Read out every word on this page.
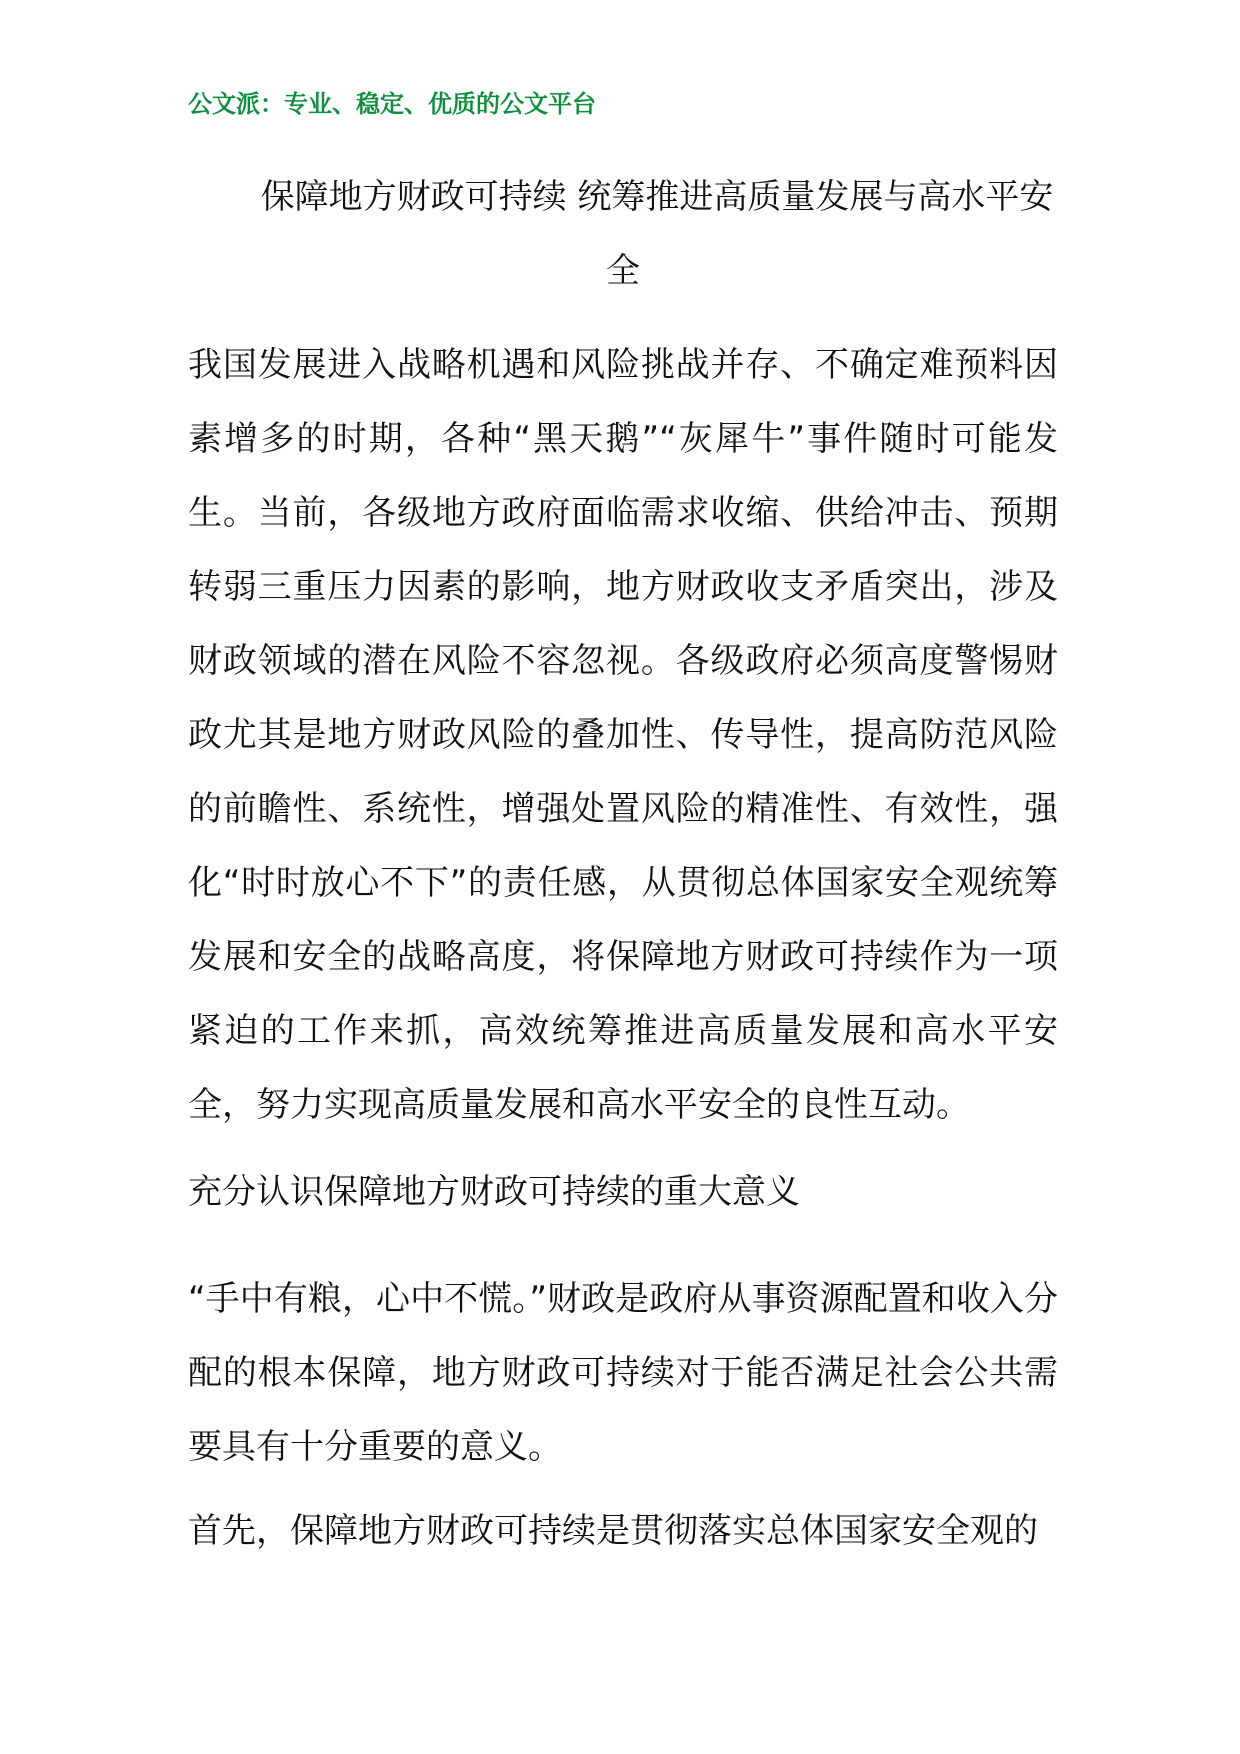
公文派：专业、稳定、优质的公文平台
保障地方财政可持续 统筹推进高质量发展与高水平安全

我国发展进入战略机遇和风险挑战并存、不确定难预料因素增多的时期，各种“黑天鹅”“灰犀牛”事件随时可能发生。当前，各级地方政府面临需求收缩、供给冲击、预期转弱三重压力因素的影响，地方财政收支矛盾突出，涉及财政领域的潜在风险不容忽视。各级政府必须高度警惕财政尤其是地方财政风险的叠加性、传导性，提高防范风险的前瞻性、系统性，增强处置风险的精准性、有效性，强化“时时放心不下”的责任感，从贯彻总体国家安全观统筹发展和安全的战略高度，将保障地方财政可持续作为一项紧迫的工作来抓，高效统筹推进高质量发展和高水平安全，努力实现高质量发展和高水平安全的良性互动。

充分认识保障地方财政可持续的重大意义

“手中有粮，心中不慌。”财政是政府从事资源配置和收入分配的根本保障，地方财政可持续对于能否满足社会公共需要具有十分重要的意义。

首先，保障地方财政可持续是贯彻落实总体国家安全观的
